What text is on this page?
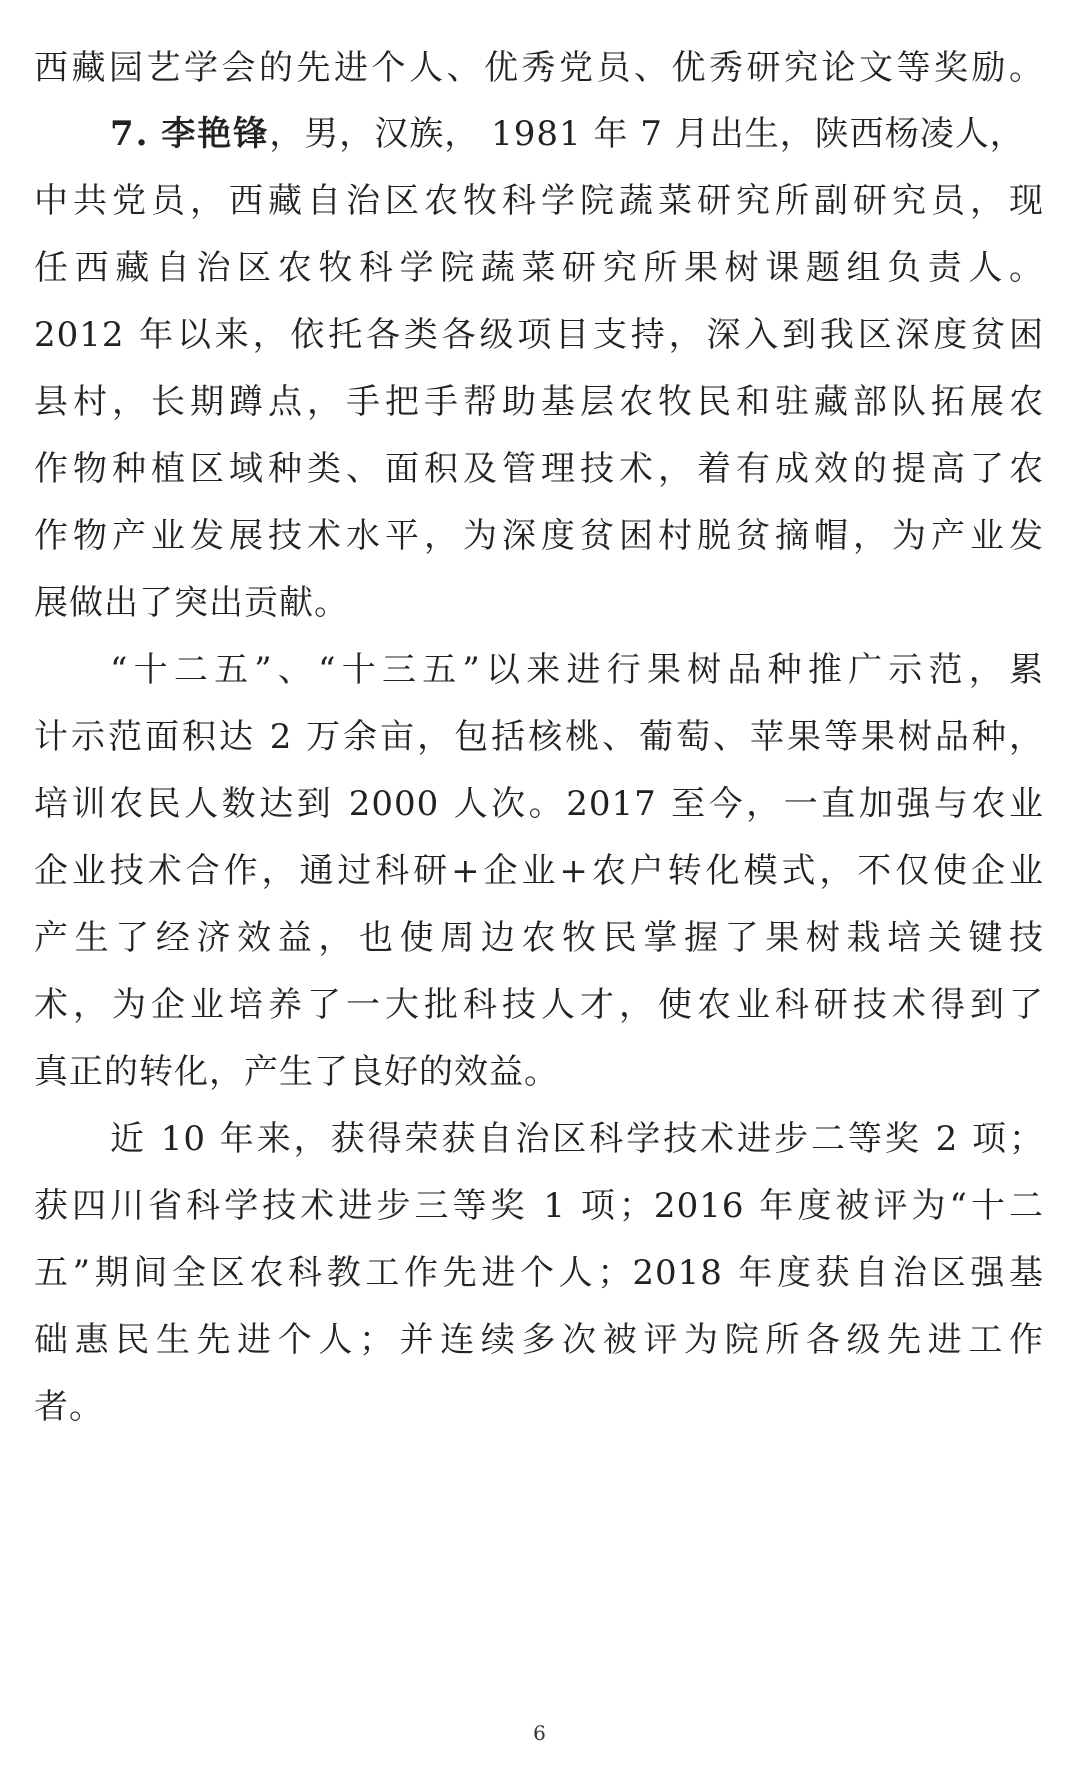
西藏园艺学会的先进个人、优秀党员、优秀研究论文等奖励。
7. 李艳锋，男，汉族， 1981 年 7 月出生，陕西杨凌人，
中共党员，西藏自治区农牧科学院蔬菜研究所副研究员，现
任西藏自治区农牧科学院蔬菜研究所果树课题组负责人。
2012 年以来，依托各类各级项目支持，深入到我区深度贫困
县村，长期蹲点，手把手帮助基层农牧民和驻藏部队拓展农
作物种植区域种类、面积及管理技术，着有成效的提高了农
作物产业发展技术水平，为深度贫困村脱贫摘帽，为产业发
展做出了突出贡献。
“十二五”、“十三五”以来进行果树品种推广示范，累
计示范面积达 2 万余亩，包括核桃、葡萄、苹果等果树品种，
培训农民人数达到 2000 人次。2017 至今，一直加强与农业
企业技术合作，通过科研+企业+农户转化模式，不仅使企业
产生了经济效益，也使周边农牧民掌握了果树栽培关键技
术，为企业培养了一大批科技人才，使农业科研技术得到了
真正的转化，产生了良好的效益。
近 10 年来，获得荣获自治区科学技术进步二等奖 2 项；
获四川省科学技术进步三等奖 1 项；2016 年度被评为“十二
五”期间全区农科教工作先进个人；2018 年度获自治区强基
础惠民生先进个人；并连续多次被评为院所各级先进工作
者。
6
